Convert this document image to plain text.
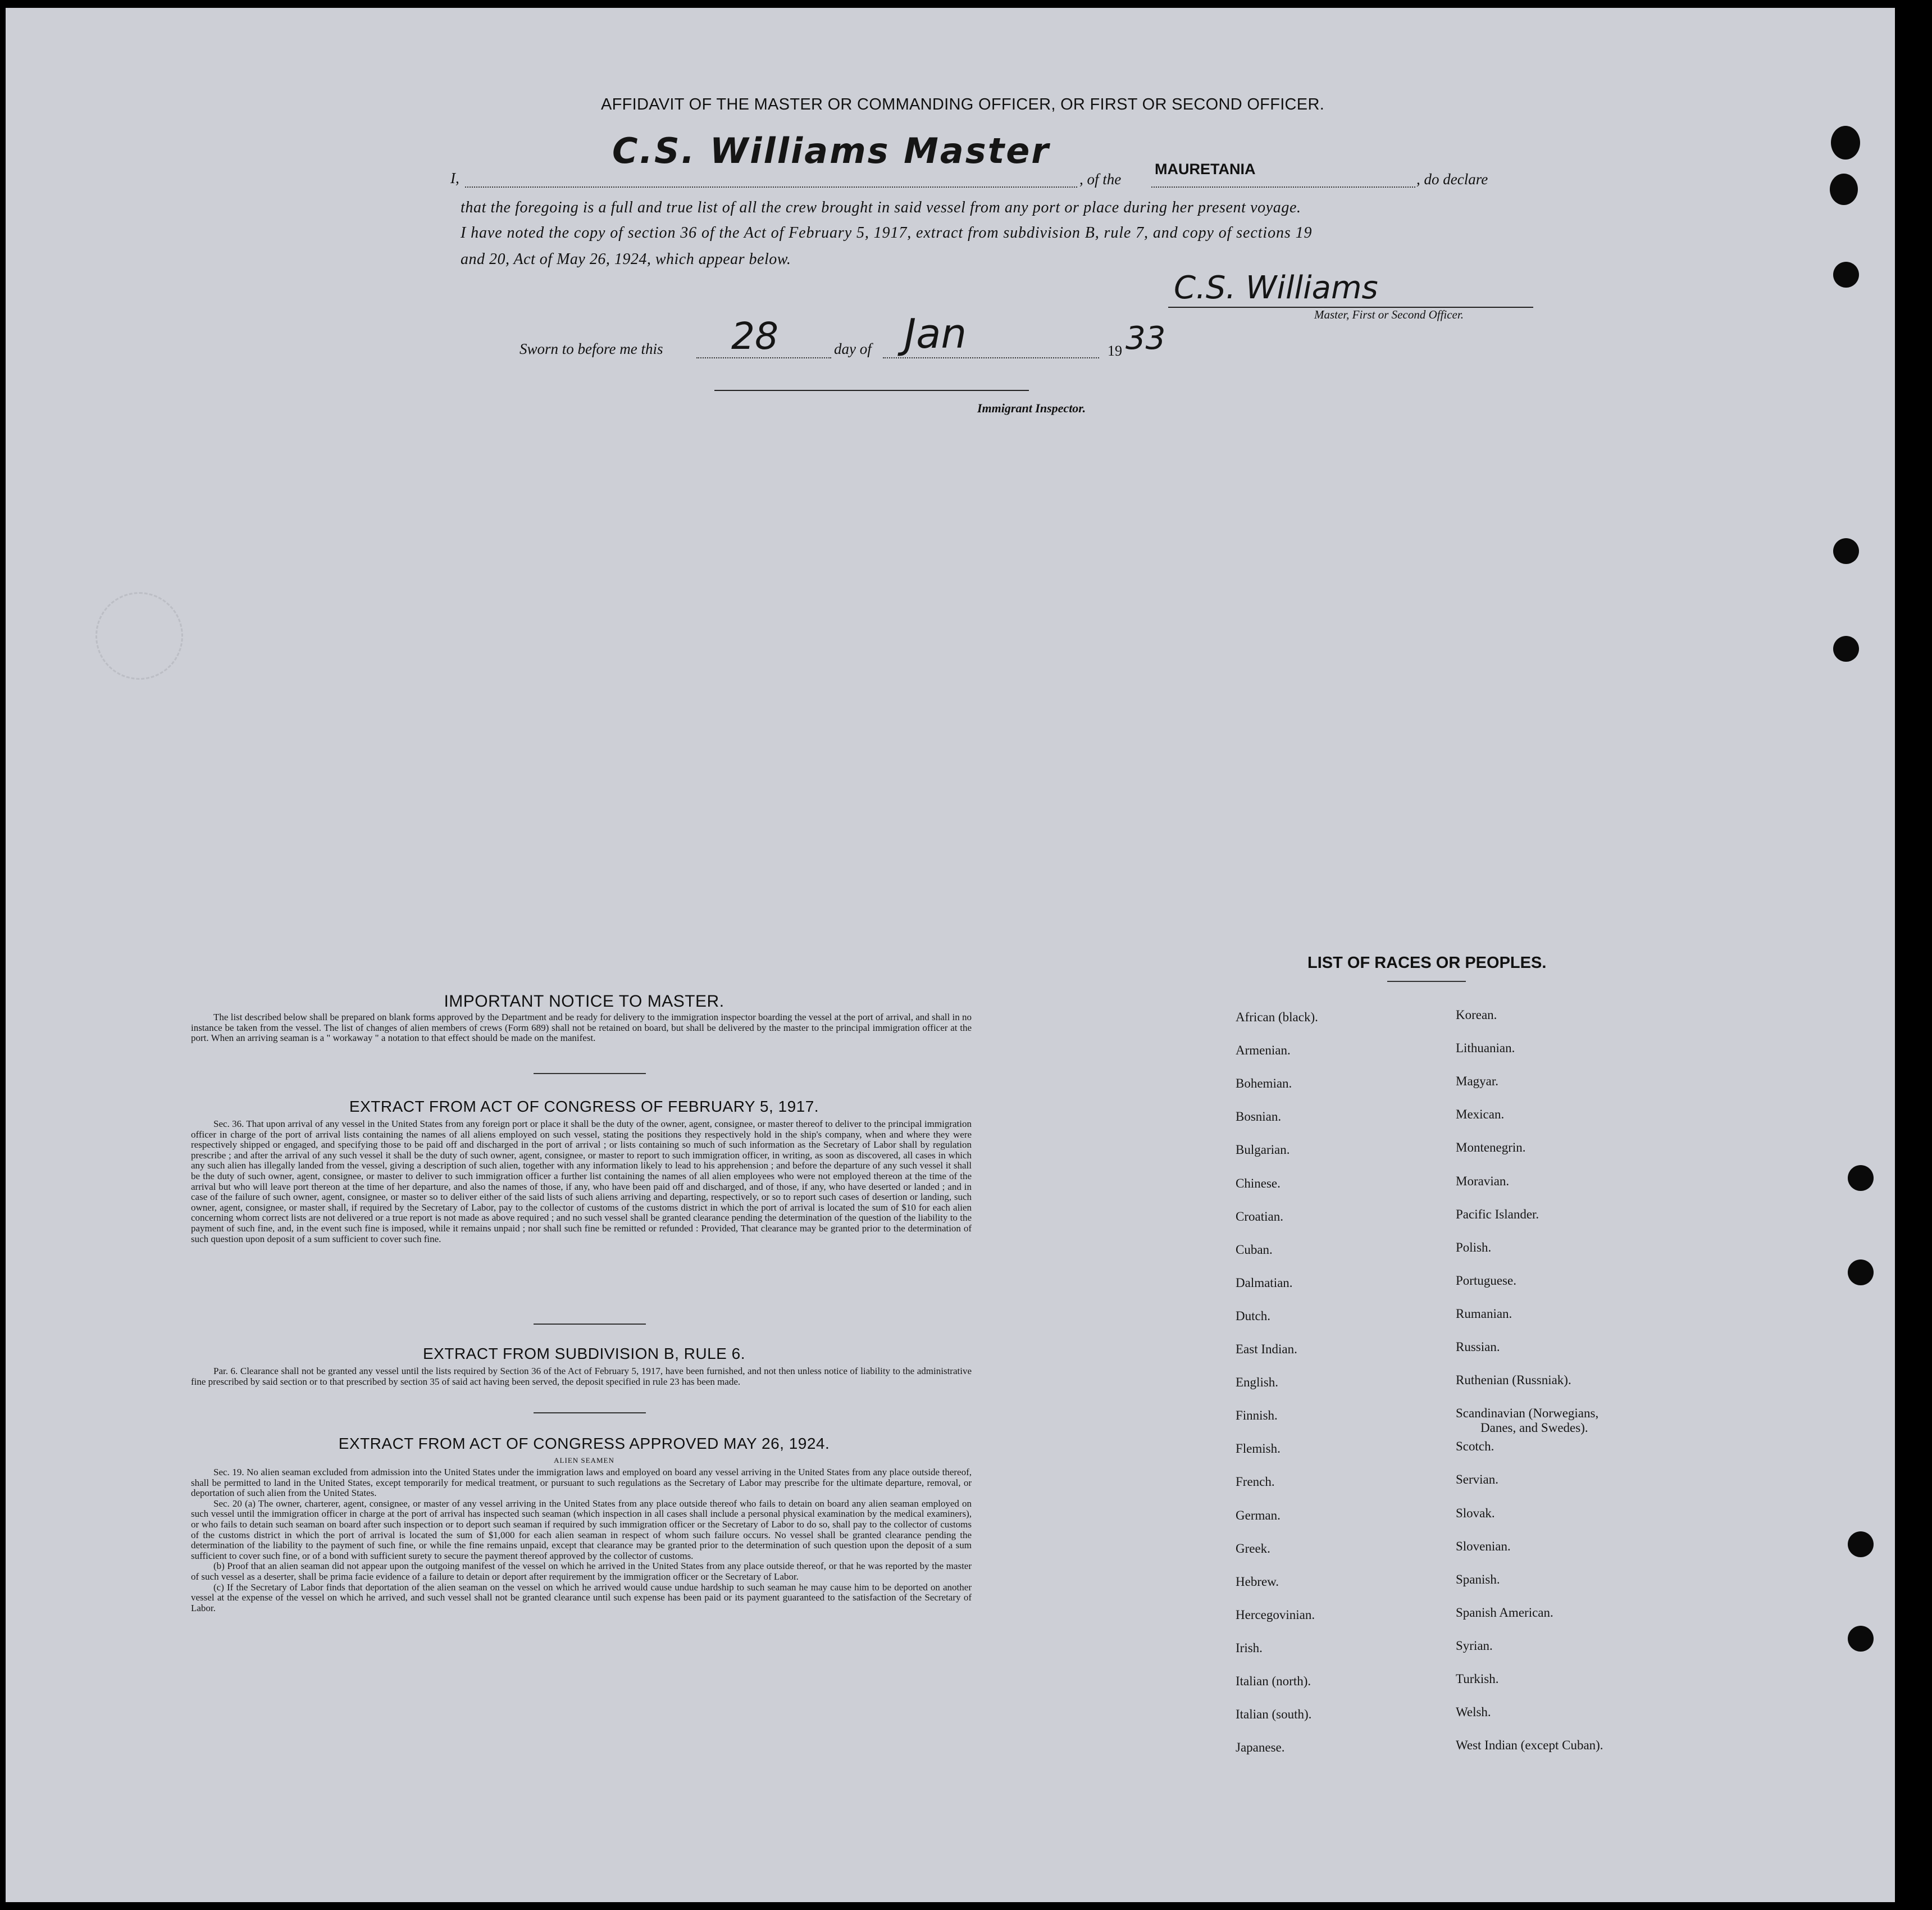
AFFIDAVIT OF THE MASTER OR COMMANDING OFFICER, OR FIRST OR SECOND OFFICER.
I,
C.S. Williams Master
, of the
MAURETANIA
, do declare
that the foregoing is a full and true list of all the crew brought in said vessel from any port or place during her present voyage.
I have noted the copy of section 36 of the Act of February 5, 1917, extract from subdivision B, rule 7, and copy of sections 19
and 20, Act of May 26, 1924, which appear below.
C.S. Williams
Master, First or Second Officer.
Sworn to before me this 28	day of Jan	19 33
Immigrant Inspector.
IMPORTANT NOTICE TO MASTER.

The list described below shall be prepared on blank forms approved by the Department and be ready for delivery to the immigration inspector boarding the vessel at the port of arrival, and shall in no instance be taken from the vessel. The list of changes of alien members of crews (Form 689) shall not be retained on board, but shall be delivered by the master to the principal immigration officer at the port. When an arriving seaman is a " workaway " a notation to that effect should be made on the manifest.

EXTRACT FROM ACT OF CONGRESS OF FEBRUARY 5, 1917.

Sec. 36. That upon arrival of any vessel in the United States from any foreign port or place it shall be the duty of the owner, agent, consignee, or master thereof to deliver to the principal immigration officer in charge of the port of arrival lists containing the names of all aliens employed on such vessel, stating the positions they respectively hold in the ship's company, when and where they were respectively shipped or engaged, and specifying those to be paid off and discharged in the port of arrival ; or lists containing so much of such information as the Secretary of Labor shall by regulation prescribe ; and after the arrival of any such vessel it shall be the duty of such owner, agent, consignee, or master to report to such immigration officer, in writing, as soon as discovered, all cases in which any such alien has illegally landed from the vessel, giving a description of such alien, together with any information likely to lead to his apprehension ; and before the departure of any such vessel it shall be the duty of such owner, agent, consignee, or master to deliver to such immigration officer a further list containing the names of all alien employees who were not employed thereon at the time of the arrival but who will leave port thereon at the time of her departure, and also the names of those, if any, who have been paid off and discharged, and of those, if any, who have deserted or landed ; and in case of the failure of such owner, agent, consignee, or master so to deliver either of the said lists of such aliens arriving and departing, respectively, or so to report such cases of desertion or landing, such owner, agent, consignee, or master shall, if required by the Secretary of Labor, pay to the collector of customs of the customs district in which the port of arrival is located the sum of $10 for each alien concerning whom correct lists are not delivered or a true report is not made as above required ; and no such vessel shall be granted clearance pending the determination of the question of the liability to the payment of such fine, and, in the event such fine is imposed, while it remains unpaid ; nor shall such fine be remitted or refunded : Provided, That clearance may be granted prior to the determination of such question upon deposit of a sum sufficient to cover such fine.

EXTRACT FROM SUBDIVISION B, RULE 6.

Par. 6. Clearance shall not be granted any vessel until the lists required by Section 36 of the Act of February 5, 1917, have been furnished, and not then unless notice of liability to the administrative fine prescribed by said section or to that prescribed by section 35 of said act having been served, the deposit specified in rule 23 has been made.

EXTRACT FROM ACT OF CONGRESS APPROVED MAY 26, 1924.
ALIEN SEAMEN

Sec. 19. No alien seaman excluded from admission into the United States under the immigration laws and employed on board any vessel arriving in the United States from any place outside thereof, shall be permitted to land in the United States, except temporarily for medical treatment, or pursuant to such regulations as the Secretary of Labor may prescribe for the ultimate departure, removal, or deportation of such alien from the United States.

Sec. 20 (a) The owner, charterer, agent, consignee, or master of any vessel arriving in the United States from any place outside thereof who fails to detain on board any alien seaman employed on such vessel until the immigration officer in charge at the port of arrival has inspected such seaman (which inspection in all cases shall include a personal physical examination by the medical examiners), or who fails to detain such seaman on board after such inspection or to deport such seaman if required by such immigration officer or the Secretary of Labor to do so, shall pay to the collector of customs of the customs district in which the port of arrival is located the sum of $1,000 for each alien seaman in respect of whom such failure occurs. No vessel shall be granted clearance pending the determination of the liability to the payment of such fine, or while the fine remains unpaid, except that clearance may be granted prior to the determination of such question upon the deposit of a sum sufficient to cover such fine, or of a bond with sufficient surety to secure the payment thereof approved by the collector of customs.

(b) Proof that an alien seaman did not appear upon the outgoing manifest of the vessel on which he arrived in the United States from any place outside thereof, or that he was reported by the master of such vessel as a deserter, shall be prima facie evidence of a failure to detain or deport after requirement by the immigration officer or the Secretary of Labor.

(c) If the Secretary of Labor finds that deportation of the alien seaman on the vessel on which he arrived would cause undue hardship to such seaman he may cause him to be deported on another vessel at the expense of the vessel on which he arrived, and such vessel shall not be granted clearance until such expense has been paid or its payment guaranteed to the satisfaction of the Secretary of Labor.

LIST OF RACES OR PEOPLES.
African (black).
Armenian.
Bohemian.
Bosnian.
Bulgarian.
Chinese.
Croatian.
Cuban.
Dalmatian.
Dutch.
East Indian.
English.
Finnish.
Flemish.
French.
German.
Greek.
Hebrew.
Hercegovinian.
Irish.
Italian (north).
Italian (south).
Japanese.
Korean.
Lithuanian.
Magyar.
Mexican.
Montenegrin.
Moravian.
Pacific Islander.
Polish.
Portuguese.
Rumanian.
Russian.
Ruthenian (Russniak).
Scandinavian (Norwegians,
Danes, and Swedes).
Scotch.
Servian.
Slovak.
Slovenian.
Spanish.
Spanish American.
Syrian.
Turkish.
Welsh.
West Indian (except Cuban).
